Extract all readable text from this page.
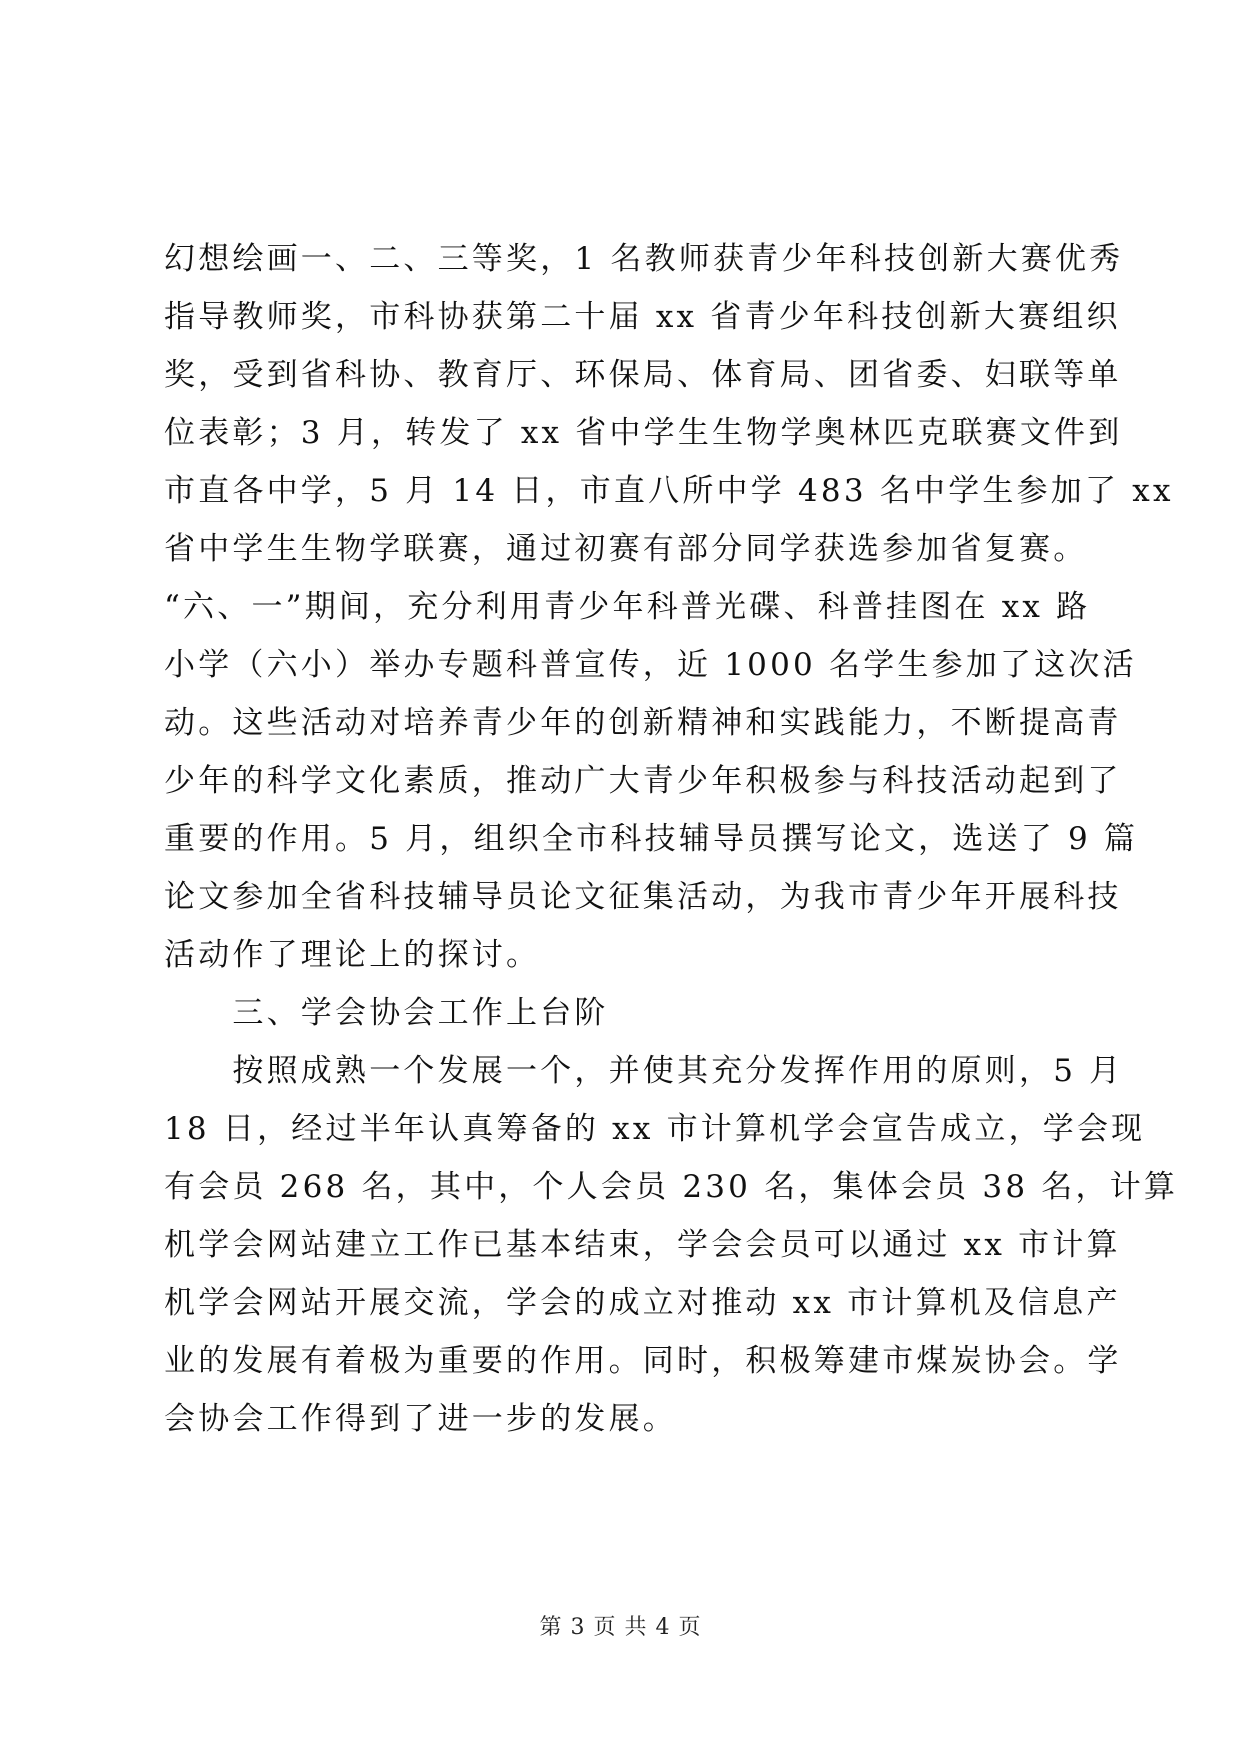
幻想绘画一、二、三等奖，1 名教师获青少年科技创新大赛优秀
指导教师奖，市科协获第二十届 xx 省青少年科技创新大赛组织
奖，受到省科协、教育厅、环保局、体育局、团省委、妇联等单
位表彰；3 月，转发了 xx 省中学生生物学奥林匹克联赛文件到
市直各中学，5 月 14 日，市直八所中学 483 名中学生参加了 xx
省中学生生物学联赛，通过初赛有部分同学获选参加省复赛。
“六、一”期间，充分利用青少年科普光碟、科普挂图在 xx 路
小学（六小）举办专题科普宣传，近 1000 名学生参加了这次活
动。这些活动对培养青少年的创新精神和实践能力，不断提高青
少年的科学文化素质，推动广大青少年积极参与科技活动起到了
重要的作用。5 月，组织全市科技辅导员撰写论文，选送了 9 篇
论文参加全省科技辅导员论文征集活动，为我市青少年开展科技
活动作了理论上的探讨。
　　三、学会协会工作上台阶
　　按照成熟一个发展一个，并使其充分发挥作用的原则，5 月
18 日，经过半年认真筹备的 xx 市计算机学会宣告成立，学会现
有会员 268 名，其中，个人会员 230 名，集体会员 38 名，计算
机学会网站建立工作已基本结束，学会会员可以通过 xx 市计算
机学会网站开展交流，学会的成立对推动 xx 市计算机及信息产
业的发展有着极为重要的作用。同时，积极筹建市煤炭协会。学
会协会工作得到了进一步的发展。
第 3 页 共 4 页
